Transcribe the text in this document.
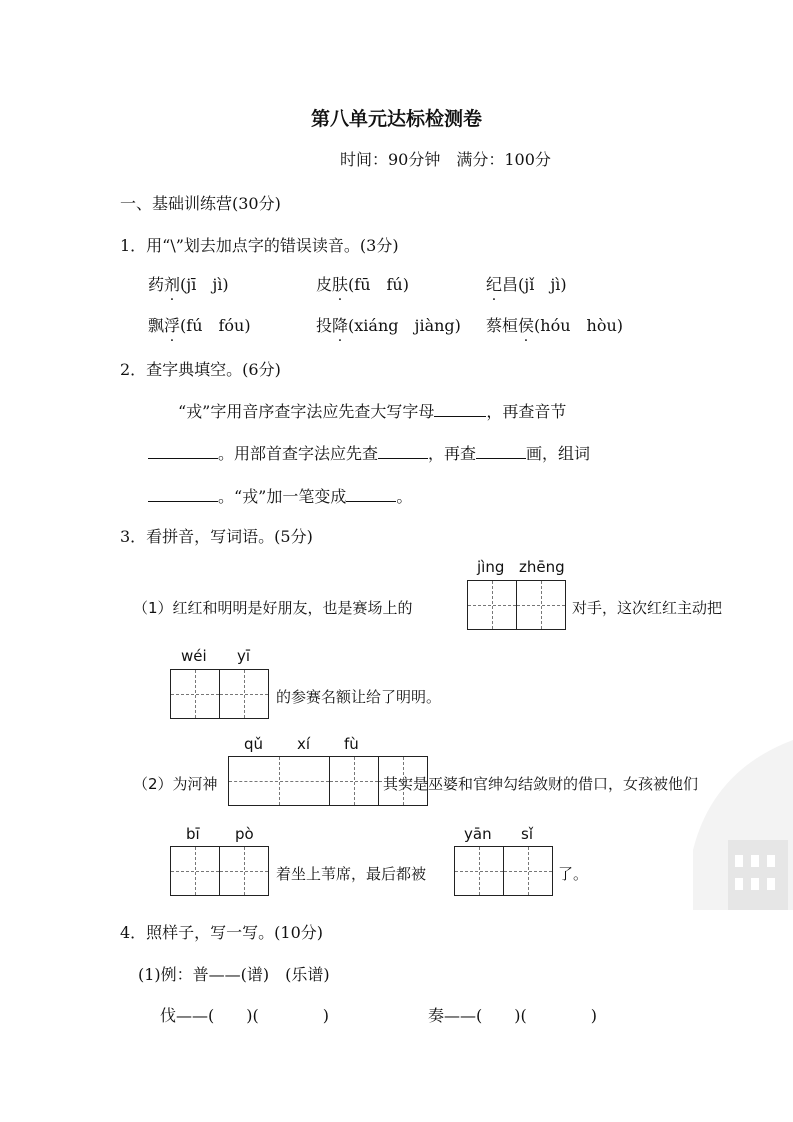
第八单元达标检测卷
时间：90分钟　满分：100分
一、基础训练营(30分)
1．用“\”划去加点字的错误读音。(3分)
药剂(jī　jì)	皮肤(fū　fú)	纪昌(jǐ　jì)
飘浮(fú　fóu)	投降(xiáng　jiàng) 蔡桓侯(hóu　hòu)
2．查字典填空。(6分)
“戎”字用音序查字法应先查大写字母	，再查音节
。用部首查字法应先查	，再查	画，组词
。“戎”加一笔变成	。
3．看拼音，写词语。(5分)
jìng zhēng
（1）红红和明明是好朋友，也是赛场上的	对手，这次红红主动把
wéi yī
的参赛名额让给了明明。
qǔ xí fù
（2）为河神	其实是巫婆和官绅勾结敛财的借口，女孩被他们
bī pò	yān sǐ
着坐上苇席，最后都被	了。
4．照样子，写一写。(10分)
(1)例：普——(谱)　(乐谱)
伐——(　　)(　　　　)	奏——(　　)(　　　　)
